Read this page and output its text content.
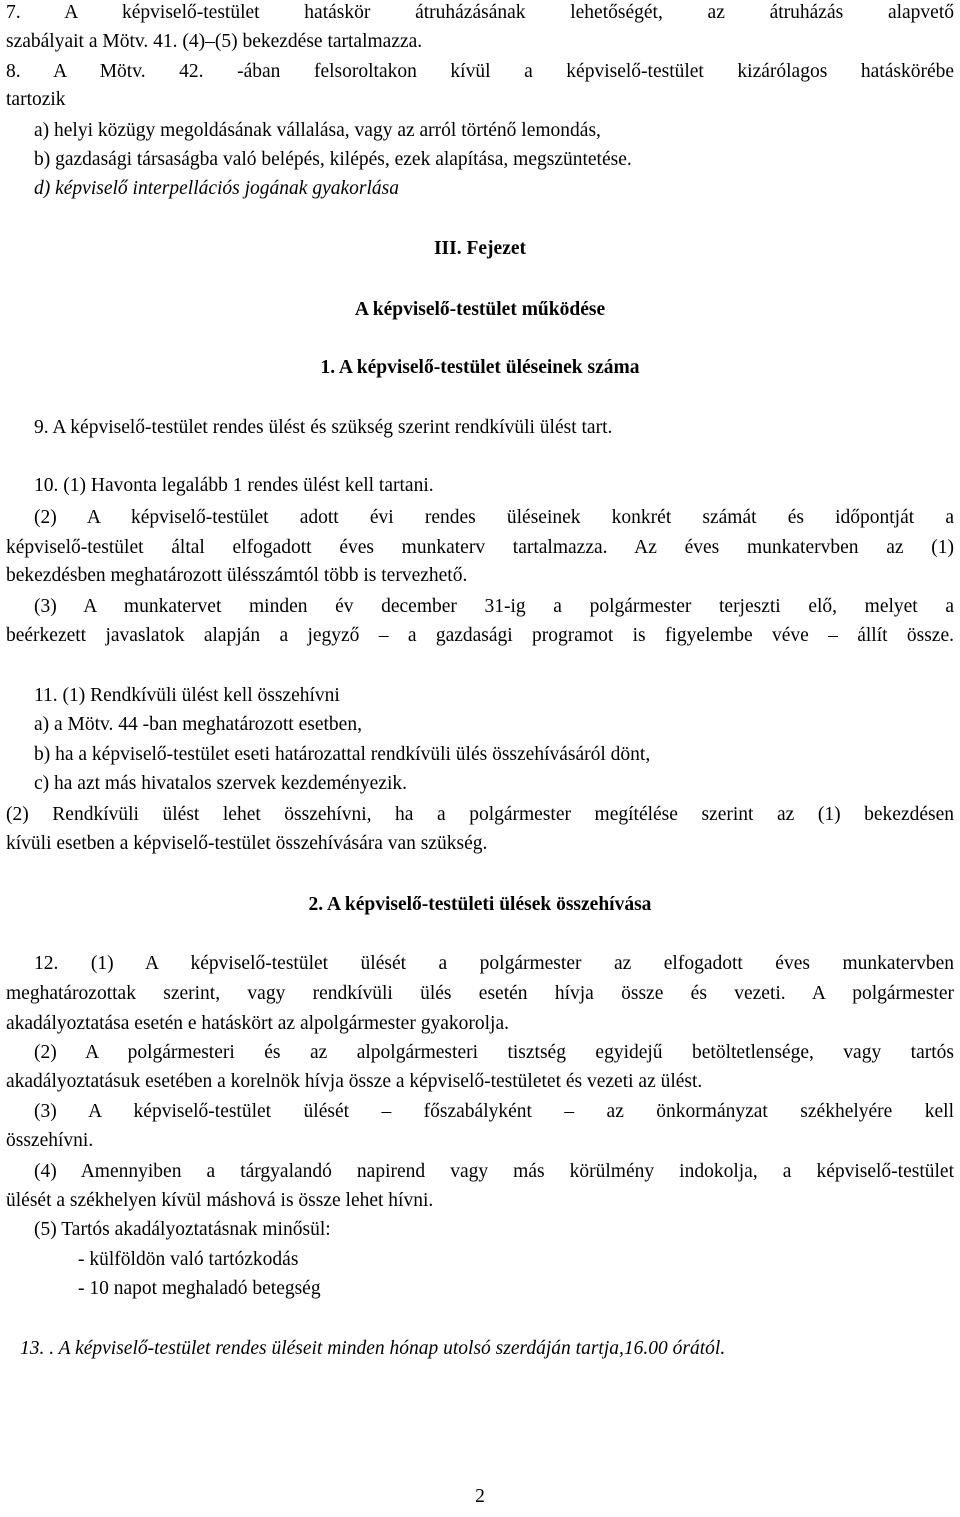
7. A képviselő-testület hatáskör átruházásának lehetőségét, az átruházás alapvető
szabályait a Mötv. 41. (4)–(5) bekezdése tartalmazza.
8. A Mötv. 42. -ában felsoroltakon kívül a képviselő-testület kizárólagos hatáskörébe
tartozik
a) helyi közügy megoldásának vállalása, vagy az arról történő lemondás,
b) gazdasági társaságba való belépés, kilépés, ezek alapítása, megszüntetése.
d) képviselő interpellációs jogának gyakorlása
III. Fejezet
A képviselő-testület működése
1. A képviselő-testület üléseinek száma
9. A képviselő-testület rendes ülést és szükség szerint rendkívüli ülést tart.
10. (1) Havonta legalább 1 rendes ülést kell tartani.
(2) A képviselő-testület adott évi rendes üléseinek konkrét számát és időpontját a
képviselő-testület által elfogadott éves munkaterv tartalmazza. Az éves munkatervben az (1)
bekezdésben meghatározott ülésszámtól több is tervezhető.
(3) A munkatervet minden év december 31-ig a polgármester terjeszti elő, melyet a
beérkezett javaslatok alapján a jegyző – a gazdasági programot is figyelembe véve – állít össze.
11. (1) Rendkívüli ülést kell összehívni
a) a Mötv. 44 -ban meghatározott esetben,
b) ha a képviselő-testület eseti határozattal rendkívüli ülés összehívásáról dönt,
c) ha azt más hivatalos szervek kezdeményezik.
(2) Rendkívüli ülést lehet összehívni, ha a polgármester megítélése szerint az (1) bekezdésen
kívüli esetben a képviselő-testület összehívására van szükség.
2. A képviselő-testületi ülések összehívása
12. (1) A képviselő-testület ülését a polgármester az elfogadott éves munkatervben
meghatározottak szerint, vagy rendkívüli ülés esetén hívja össze és vezeti. A polgármester
akadályoztatása esetén e hatáskört az alpolgármester gyakorolja.
(2) A polgármesteri és az alpolgármesteri tisztség egyidejű betöltetlensége, vagy tartós
akadályoztatásuk esetében a korelnök hívja össze a képviselő-testületet és vezeti az ülést.
(3) A képviselő-testület ülését – főszabályként – az önkormányzat székhelyére kell
összehívni.
(4) Amennyiben a tárgyalandó napirend vagy más körülmény indokolja, a képviselő-testület
ülését a székhelyen kívül máshová is össze lehet hívni.
(5) Tartós akadályoztatásnak minősül:
- külföldön való tartózkodás
- 10 napot meghaladó betegség
13. . A képviselő-testület rendes üléseit minden hónap utolsó szerdáján tartja,16.00 órától.
2
